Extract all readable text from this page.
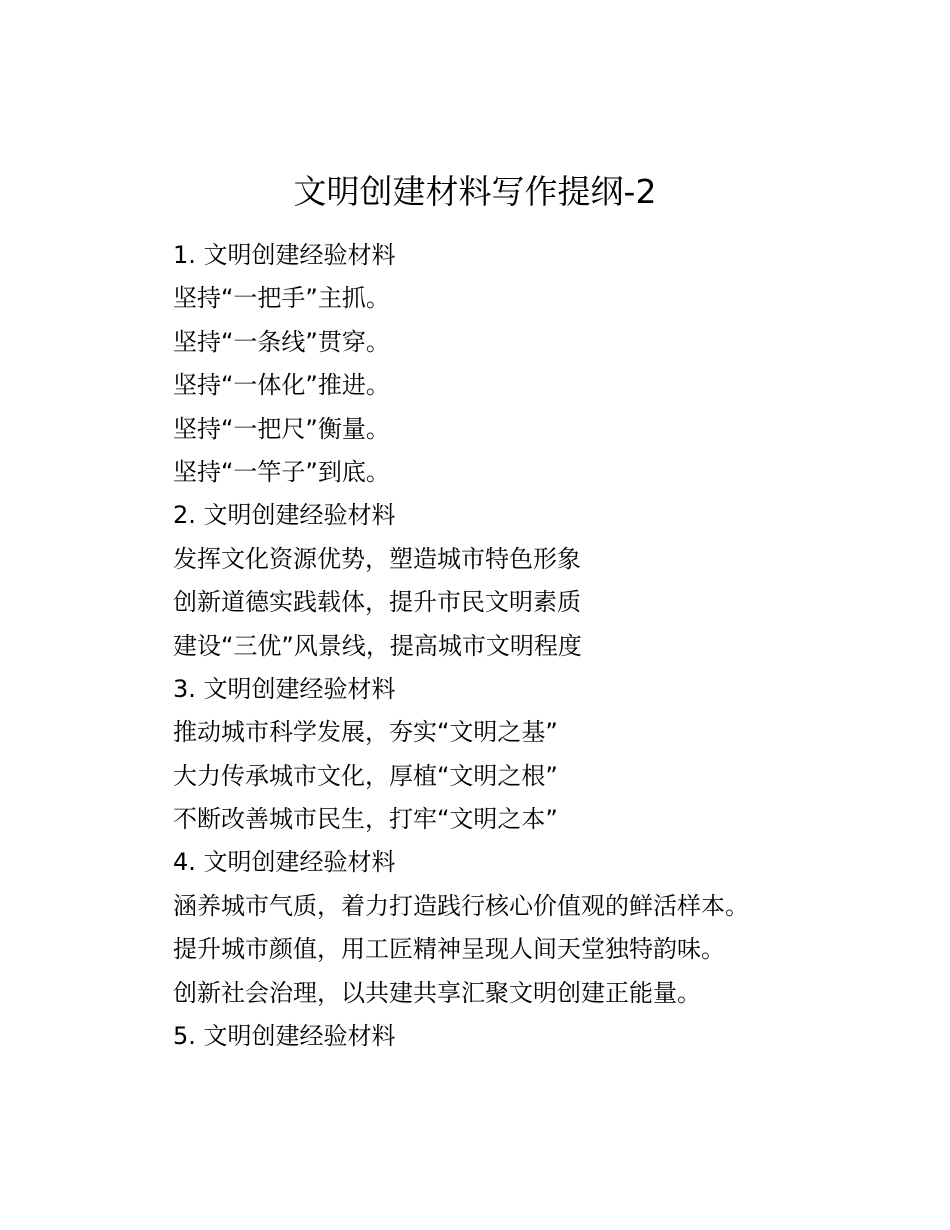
文明创建材料写作提纲-2
1. 文明创建经验材料
坚持“一把手”主抓。
坚持“一条线”贯穿。
坚持“一体化”推进。
坚持“一把尺”衡量。
坚持“一竿子”到底。
2. 文明创建经验材料
发挥文化资源优势，塑造城市特色形象
创新道德实践载体，提升市民文明素质
建设“三优”风景线，提高城市文明程度
3. 文明创建经验材料
推动城市科学发展，夯实“文明之基”
大力传承城市文化，厚植“文明之根”
不断改善城市民生，打牢“文明之本”
4. 文明创建经验材料
涵养城市气质，着力打造践行核心价值观的鲜活样本。
提升城市颜值，用工匠精神呈现人间天堂独特韵味。
创新社会治理，以共建共享汇聚文明创建正能量。
5. 文明创建经验材料
